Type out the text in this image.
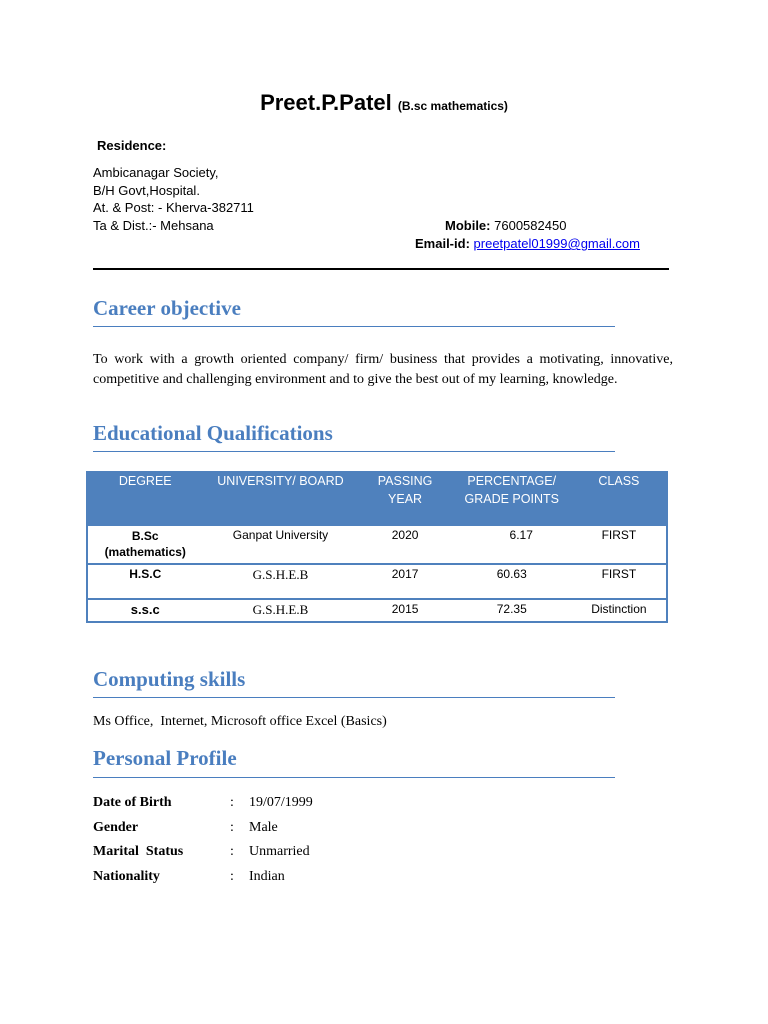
Preet.P.Patel (B.sc mathematics)
Residence:
Ambicanagar Society,
B/H Govt,Hospital.
At. & Post: - Kherva-382711
Ta & Dist.:- Mehsana	Mobile: 7600582450
Email-id: preetpatel01999@gmail.com
Career objective
To work with a growth oriented company/ firm/ business that provides a motivating, innovative, competitive and challenging environment and to give the best out of my learning, knowledge.
Educational Qualifications
DEGREE	UNIVERSITY/ BOARD	PASSING YEAR	PERCENTAGE/ GRADE POINTS	CLASS
B.Sc (mathematics)	Ganpat University	2020	6.17	FIRST
H.S.C	G.S.H.E.B	2017	60.63	FIRST
s.s.c	G.S.H.E.B	2015	72.35	Distinction
Computing skills
Ms Office,  Internet, Microsoft office Excel (Basics)
Personal Profile
Date of Birth	: 19/07/1999
Gender	: Male
Marital  Status	: Unmarried
Nationality	: Indian
